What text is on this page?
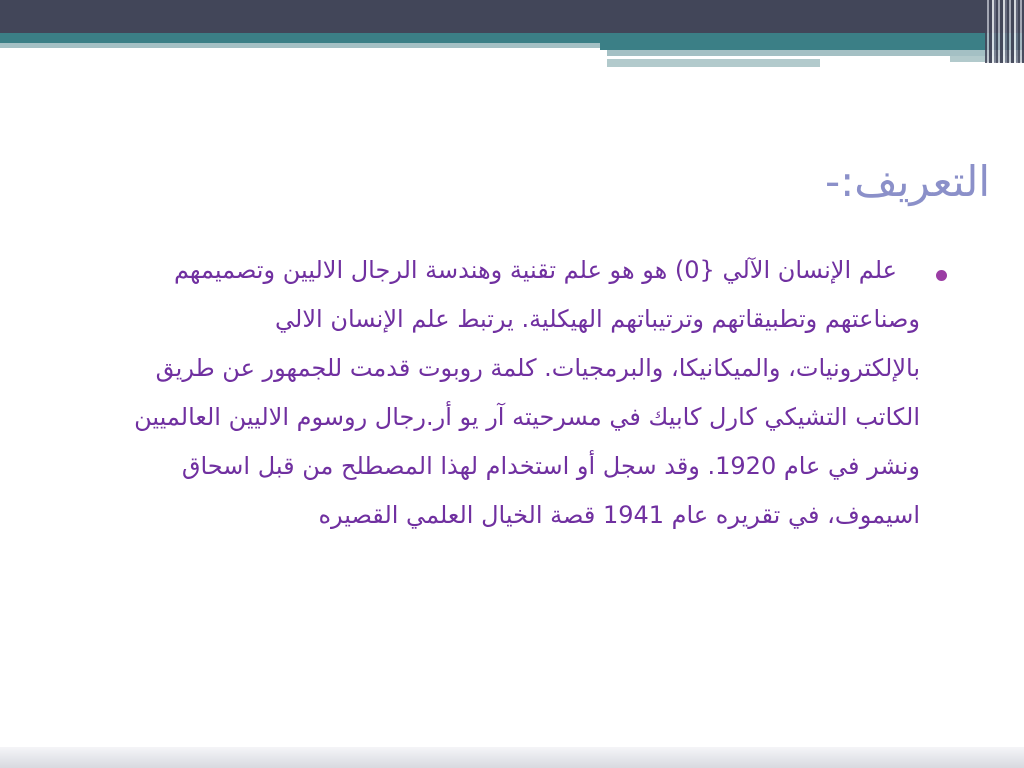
التعريف:-
علم الإنسان الآلي ⁦(0}⁩ هو هو علم تقنية وهندسة الرجال الاليين وتصميمهم
وصناعتهم وتطبيقاتهم وترتيباتهم الهيكلية. يرتبط علم الإنسان الالي
بالإلكترونيات، والميكانيكا، والبرمجيات. كلمة روبوت قدمت للجمهور عن طريق
الكاتب التشيكي كارل كابيك في مسرحيته آر يو أر.رجال روسوم الاليين العالميين
ونشر في عام 1920. وقد سجل أو استخدام لهذا المصطلح من قبل اسحاق
اسيموف، في تقريره عام 1941 قصة الخيال العلمي القصيره
